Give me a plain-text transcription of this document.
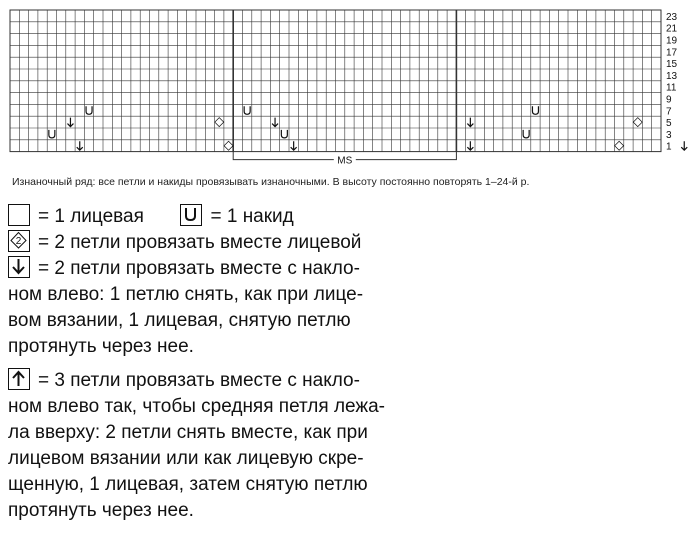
1
3
5
7
9
11
13
15
17
19
21
23
MS
Изнаночный ряд: все петли и накиды провязывать изнаночными. В высоту постоянно повторять 1–24-й р.
= 1 лицевая	= 1 накид
2 = 2 петли провязать вместе лицевой
= 2 петли провязать вместе с накло-
ном влево: 1 петлю снять, как при лице-
вом вязании, 1 лицевая, снятую петлю
протянуть через нее.
= 3 петли провязать вместе с накло-
ном влево так, чтобы средняя петля лежа-
ла вверху: 2 петли снять вместе, как при
лицевом вязании или как лицевую скре-
щенную, 1 лицевая, затем снятую петлю
протянуть через нее.
